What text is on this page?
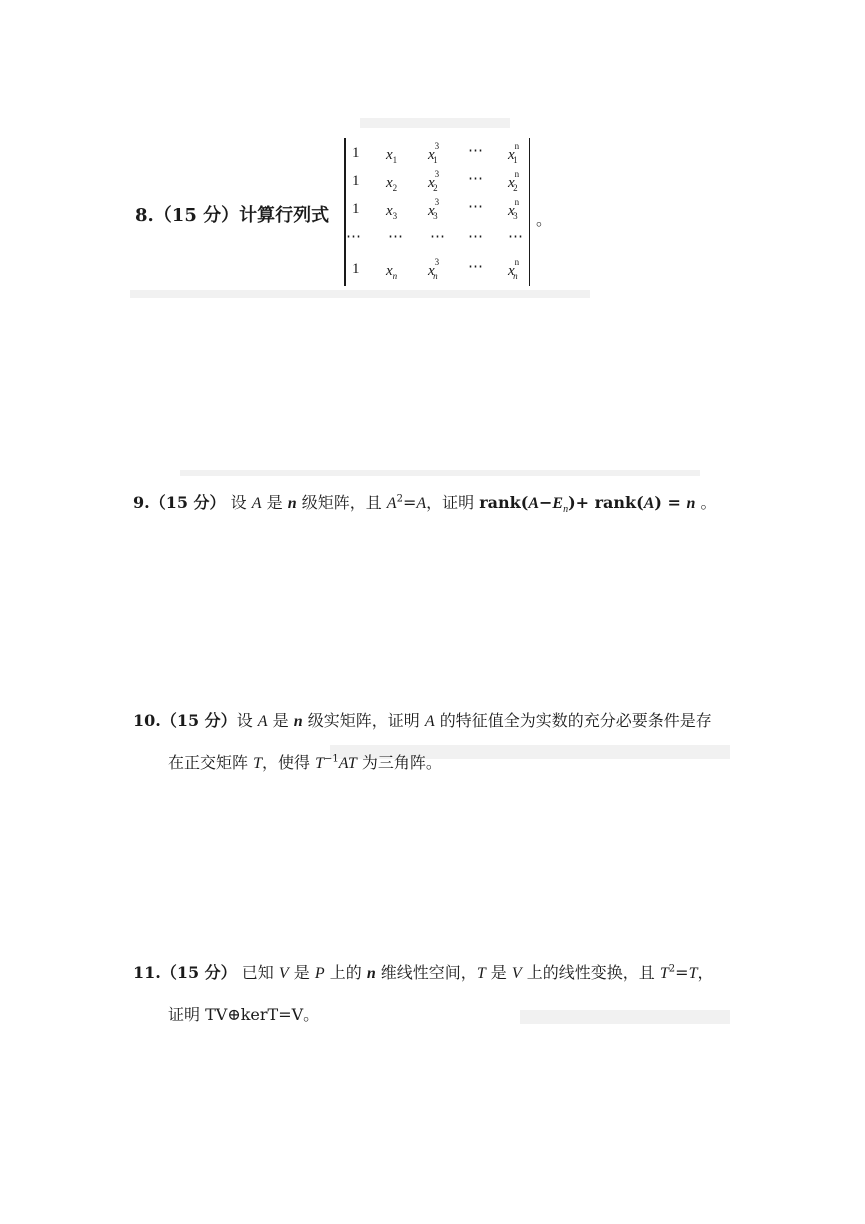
8.（15 分）计算行列式
1 $x_1$ $x^3_1$
⋯ $x^n_1$
1 $x_2$ $x^3_2$
⋯ $x^n_2$
1 $x_3$ $x^3_3$
⋯ $x^n_3$
⋯ ⋯ ⋯ ⋯ ⋯
1 $x_n$ $x^3_n$
⋯ $x^n_n$
。
9.（15 分） 设 A 是 n 级矩阵，且 $A^2=A$，证明 $rank(A-E_n)+$ rank(A) = n 。
10.（15 分）设 A 是 n 级实矩阵，证明 A 的特征值全为实数的充分必要条件是存
在正交矩阵 T，使得 $T^{-1}AT$ 为三角阵。
11.（15 分） 已知 V 是 P 上的 n 维线性空间，T 是 V 上的线性变换，且 $T^2=T$，
证明 TV⊕kerT=V。
